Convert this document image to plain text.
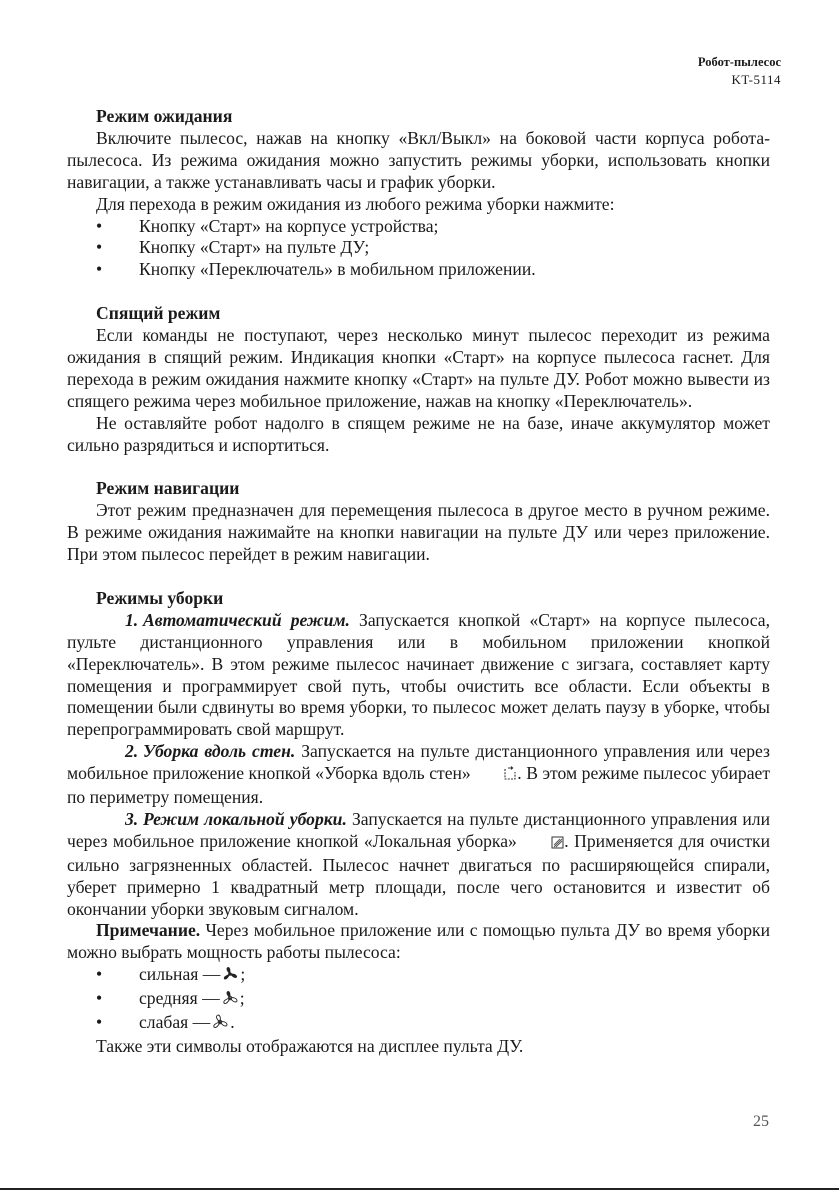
Робот-пылесос
KT-5114
Режим ожидания

Включите пылесос, нажав на кнопку «Вкл/Выкл» на боковой части корпуса робота-пылесоса. Из режима ожидания можно запустить режимы уборки, использовать кнопки навигации, а также устанавливать часы и график уборки.

Для перехода в режим ожидания из любого режима уборки нажмите:

• Кнопку «Старт» на корпусе устройства;

• Кнопку «Старт» на пульте ДУ;

• Кнопку «Переключатель» в мобильном приложении.

Спящий режим

Если команды не поступают, через несколько минут пылесос переходит из режима ожидания в спящий режим. Индикация кнопки «Старт» на корпусе пылесоса гаснет. Для перехода в режим ожидания нажмите кнопку «Старт» на пульте ДУ. Робот можно вывести из спящего режима через мобильное приложение, нажав на кнопку «Переключатель».

Не оставляйте робот надолго в спящем режиме не на базе, иначе аккумулятор может сильно разрядиться и испортиться.

Режим навигации

Этот режим предназначен для перемещения пылесоса в другое место в ручном режиме. В режиме ожидания нажимайте на кнопки навигации на пульте ДУ или через приложение. При этом пылесос перейдет в режим навигации.

Режимы уборки

1. Автоматический режим. Запускается кнопкой «Старт» на корпусе пылесоса, пульте дистанционного управления или в мобильном приложении кнопкой «Переключатель». В этом режиме пылесос начинает движение с зигзага, составляет карту помещения и программирует свой путь, чтобы очистить все области. Если объекты в помещении были сдвинуты во время уборки, то пылесос может делать паузу в уборке, чтобы перепрограммировать свой маршрут.

2. Уборка вдоль стен. Запускается на пульте дистанционного управления или через мобильное приложение кнопкой «Уборка вдоль стен»	. В этом режиме пылесос убирает по периметру помещения.

3. Режим локальной уборки. Запускается на пульте дистанционного управления или через мобильное приложение кнопкой «Локальная уборка»	. Применяется для очистки сильно загрязненных областей. Пылесос начнет двигаться по расширяющейся спирали, уберет примерно 1 квадратный метр площади, после чего остановится и известит об окончании уборки звуковым сигналом.

Примечание. Через мобильное приложение или с помощью пульта ДУ во время уборки можно выбрать мощность работы пылесоса:

• сильная — ;

• средняя — ;

• слабая — .

Также эти символы отображаются на дисплее пульта ДУ.

25
